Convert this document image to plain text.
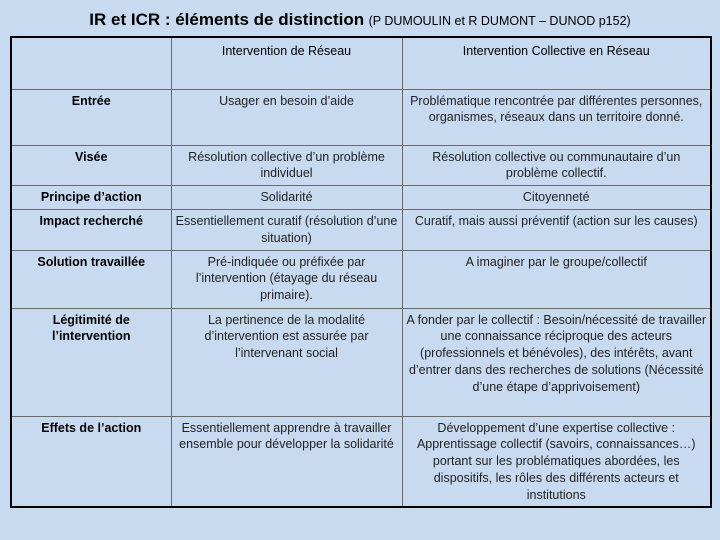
IR et ICR : éléments de distinction (P DUMOULIN et R DUMONT – DUNOD p152)
	Intervention de Réseau	Intervention Collective en Réseau
Entrée	Usager en besoin d’aide	Problématique rencontrée par différentes personnes, organismes, réseaux dans un territoire donné.
Visée	Résolution collective d’un problème individuel	Résolution collective ou communautaire d’un problème collectif.
Principe d’action	Solidarité	Citoyenneté
Impact recherché	Essentiellement curatif (résolution d’une situation)	Curatif, mais aussi préventif (action sur les causes)
Solution travaillée	Pré-indiquée ou préfixée par l’intervention (étayage du réseau primaire).	A imaginer par le groupe/collectif
Légitimité de l’intervention	La pertinence de la modalité d’intervention est assurée par l’intervenant social	A fonder par le collectif : Besoin/nécessité de travailler une connaissance réciproque des acteurs (professionnels et bénévoles), des intérêts, avant d’entrer dans des recherches de solutions (Nécessité d’une étape d’apprivoisement)
Effets de l’action	Essentiellement apprendre à travailler ensemble pour développer la solidarité	Développement d’une expertise collective : Apprentissage collectif (savoirs, connaissances…) portant sur les problématiques abordées, les dispositifs, les rôles des différents acteurs et institutions
